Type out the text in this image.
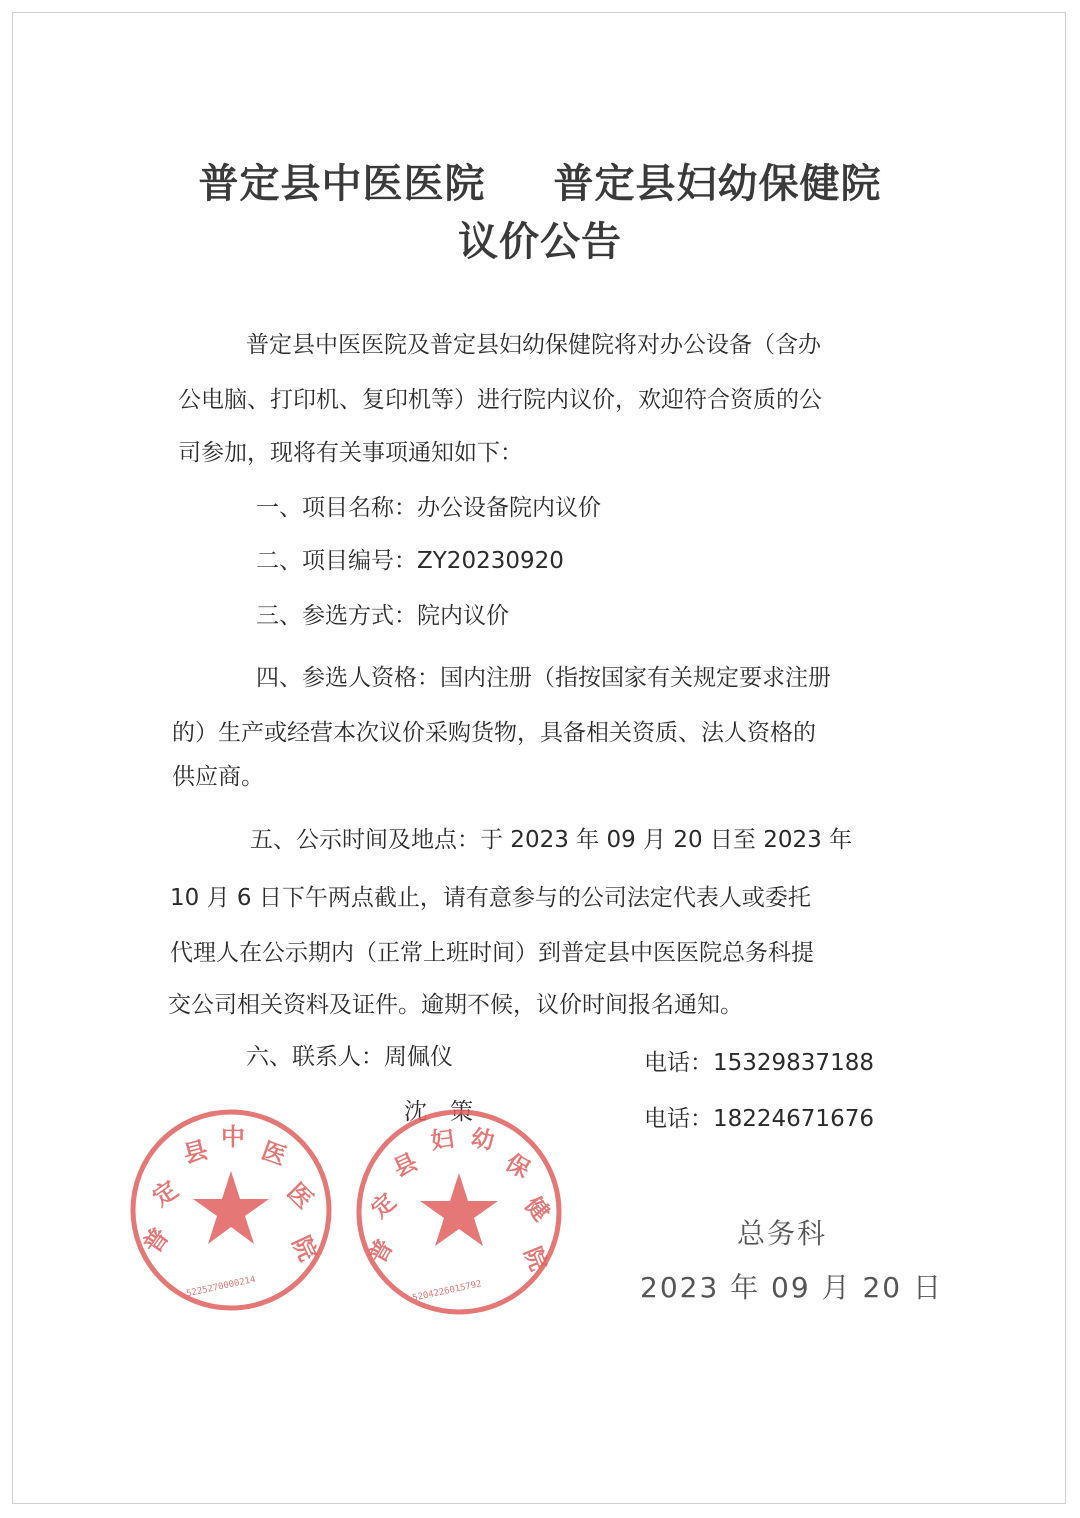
普定县中医医院 普定县妇幼保健院
议价公告
普定县中医医院及普定县妇幼保健院将对办公设备（含办
公电脑、打印机、复印机等）进行院内议价，欢迎符合资质的公
司参加，现将有关事项通知如下：
一、项目名称：办公设备院内议价
二、项目编号：ZY20230920
三、参选方式：院内议价
四、参选人资格：国内注册（指按国家有关规定要求注册
的）生产或经营本次议价采购货物，具备相关资质、法人资格的
供应商。
五、公示时间及地点：于 2023 年 09 月 20 日至 2023 年
10 月 6 日下午两点截止，请有意参与的公司法定代表人或委托
代理人在公示期内（正常上班时间）到普定县中医医院总务科提
交公司相关资料及证件。逾期不候，议价时间报名通知。
六、联系人：周佩仪	电话：15329837188
沈　策	电话：18224671676
普
定
县 中 医
医
院
5225270000214
普
定
县
妇 幼
保
健
院
5204226015792
总务科
2023 年 09 月 20 日
